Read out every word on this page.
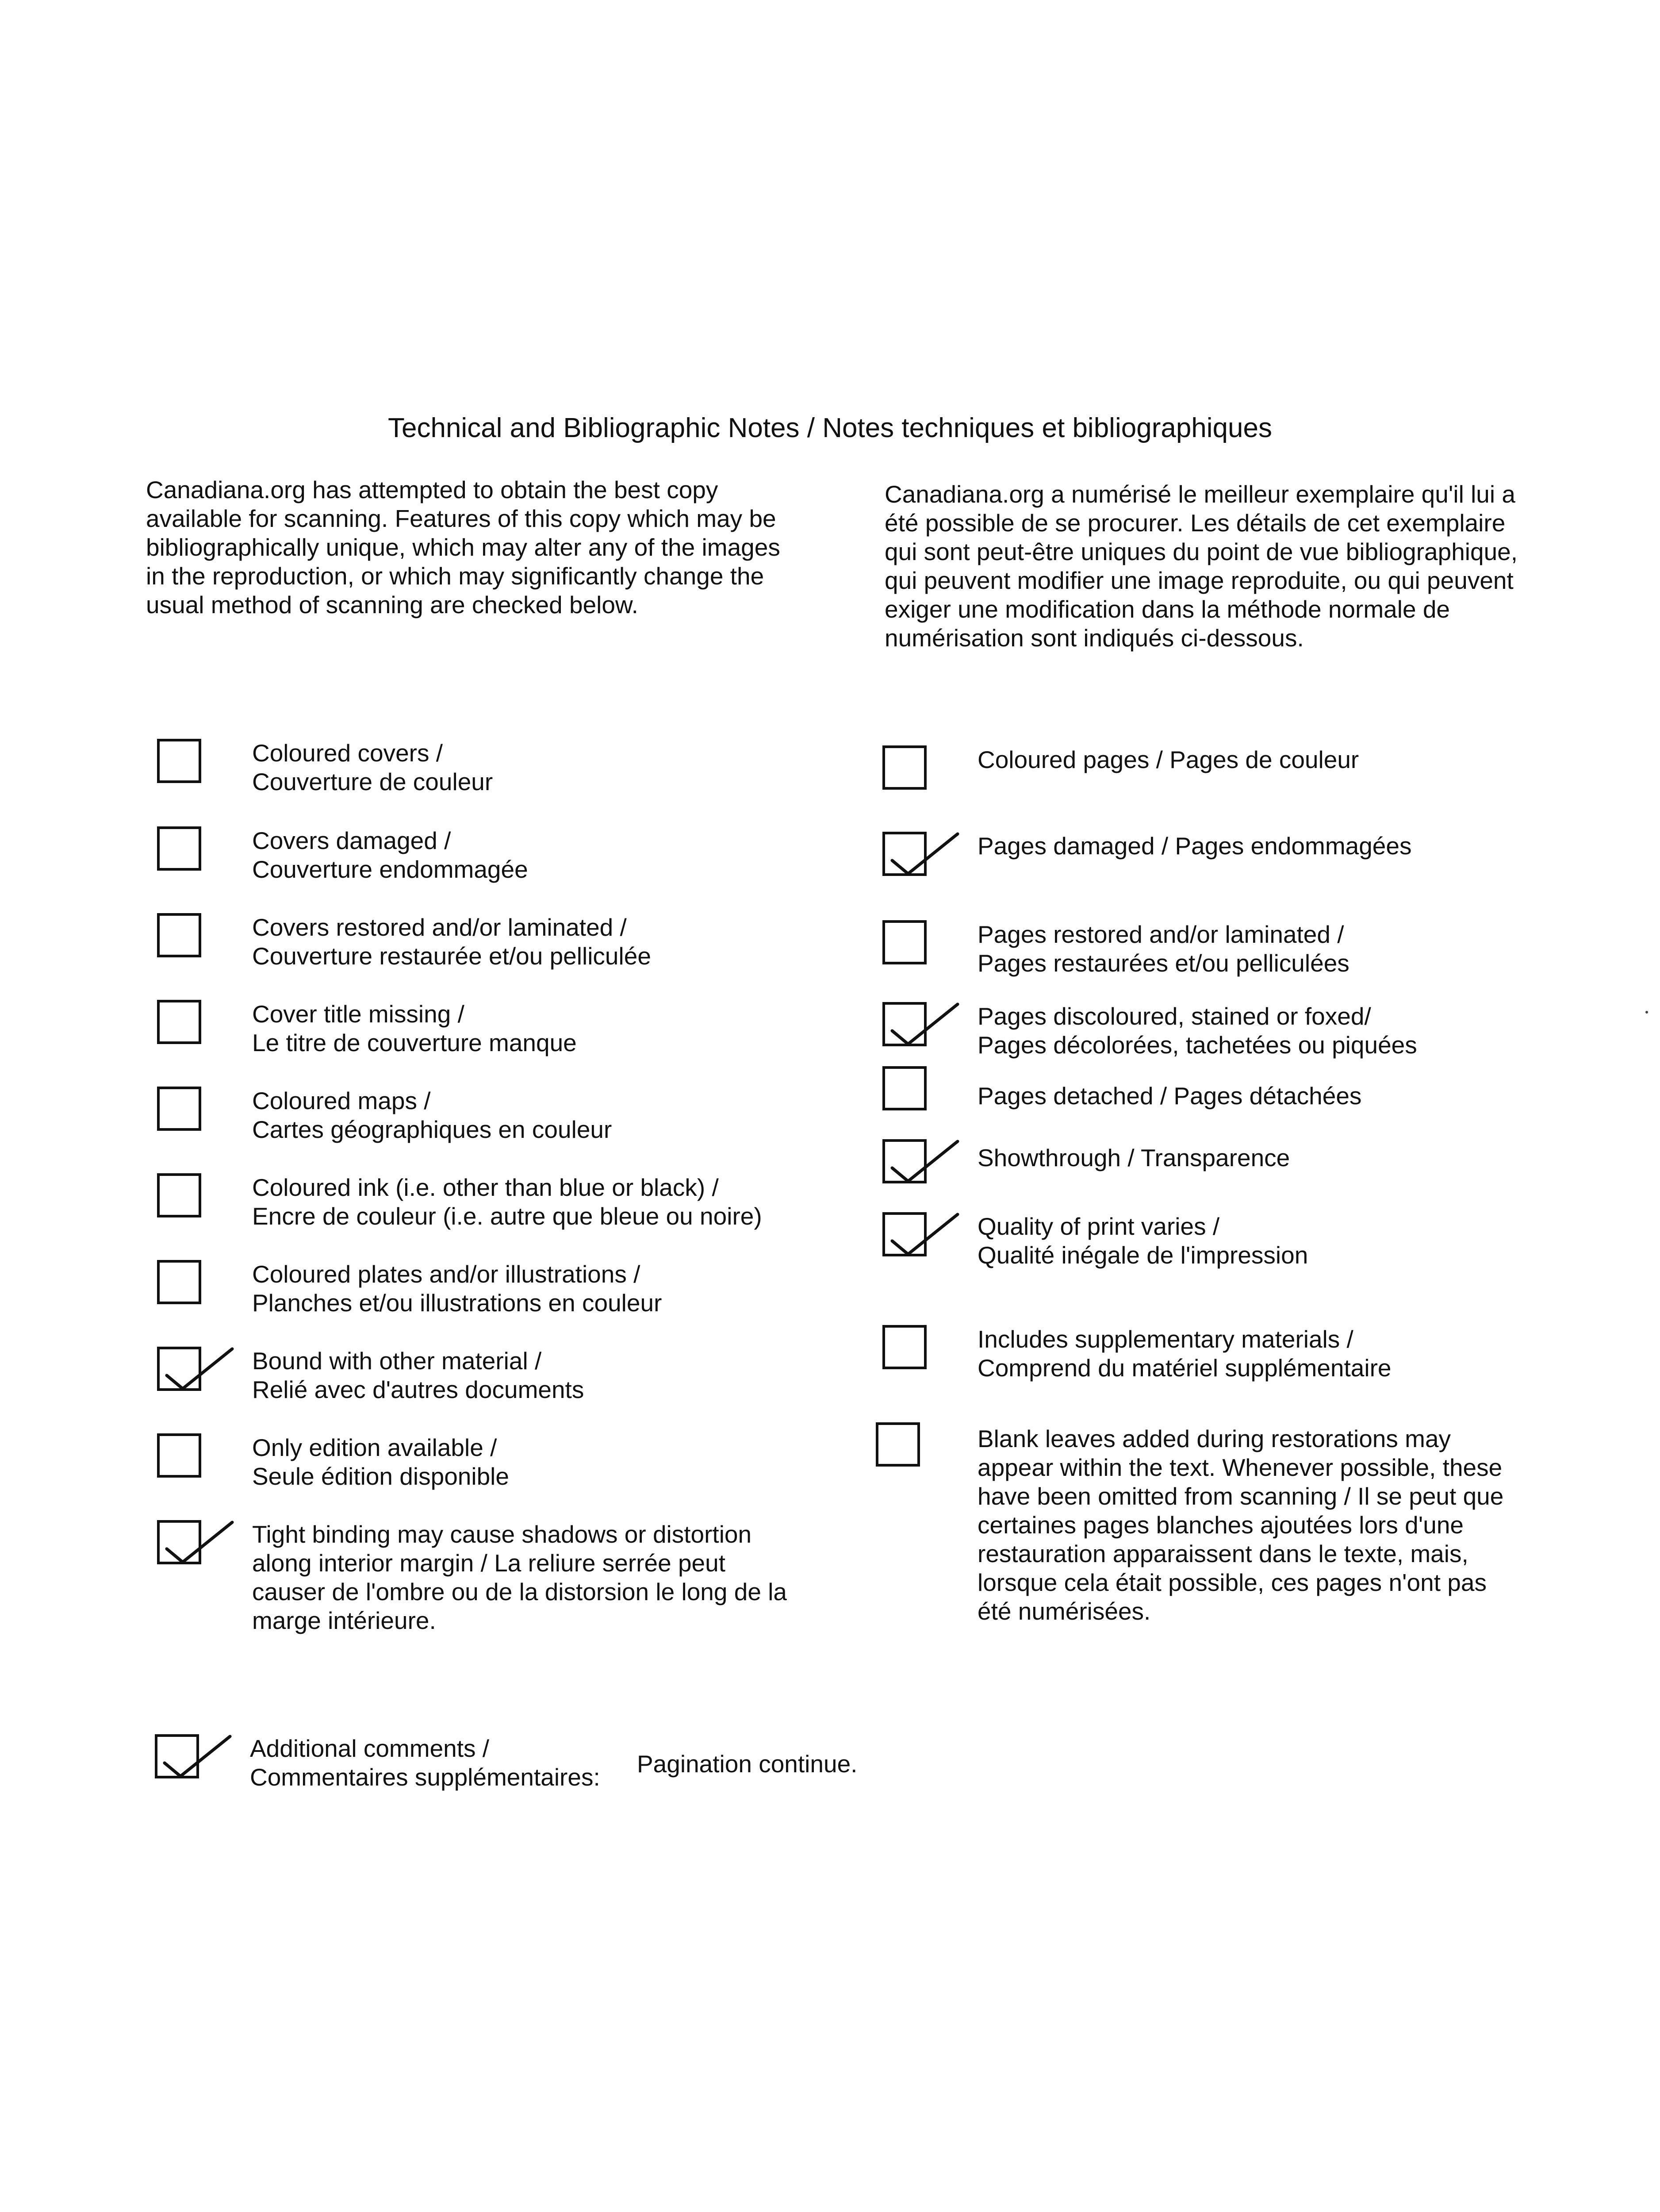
Technical and Bibliographic Notes / Notes techniques et bibliographiques
Canadiana.org has attempted to obtain the best copy
available for scanning. Features of this copy which may be
bibliographically unique, which may alter any of the images
in the reproduction, or which may significantly change the
usual method of scanning are checked below.
Canadiana.org a numérisé le meilleur exemplaire qu'il lui a
été possible de se procurer. Les détails de cet exemplaire
qui sont peut-être uniques du point de vue bibliographique,
qui peuvent modifier une image reproduite, ou qui peuvent
exiger une modification dans la méthode normale de
numérisation sont indiqués ci-dessous.
Coloured covers /
Couverture de couleur
Covers damaged /
Couverture endommagée
Covers restored and/or laminated /
Couverture restaurée et/ou pelliculée
Cover title missing /
Le titre de couverture manque
Coloured maps /
Cartes géographiques en couleur
Coloured ink (i.e. other than blue or black) /
Encre de couleur (i.e. autre que bleue ou noire)
Coloured plates and/or illustrations /
Planches et/ou illustrations en couleur
Bound with other material /
Relié avec d'autres documents
Only edition available /
Seule édition disponible
Tight binding may cause shadows or distortion
along interior margin / La reliure serrée peut
causer de l'ombre ou de la distorsion le long de la
marge intérieure.
Coloured pages / Pages de couleur
Pages damaged / Pages endommagées
Pages restored and/or laminated /
Pages restaurées et/ou pelliculées
Pages discoloured, stained or foxed/
Pages décolorées, tachetées ou piquées
Pages detached / Pages détachées
Showthrough / Transparence
Quality of print varies /
Qualité inégale de l'impression
Includes supplementary materials /
Comprend du matériel supplémentaire
Blank leaves added during restorations may
appear within the text. Whenever possible, these
have been omitted from scanning / Il se peut que
certaines pages blanches ajoutées lors d'une
restauration apparaissent dans le texte, mais,
lorsque cela était possible, ces pages n'ont pas
été numérisées.
Additional comments /
Commentaires supplémentaires:	Pagination continue.
